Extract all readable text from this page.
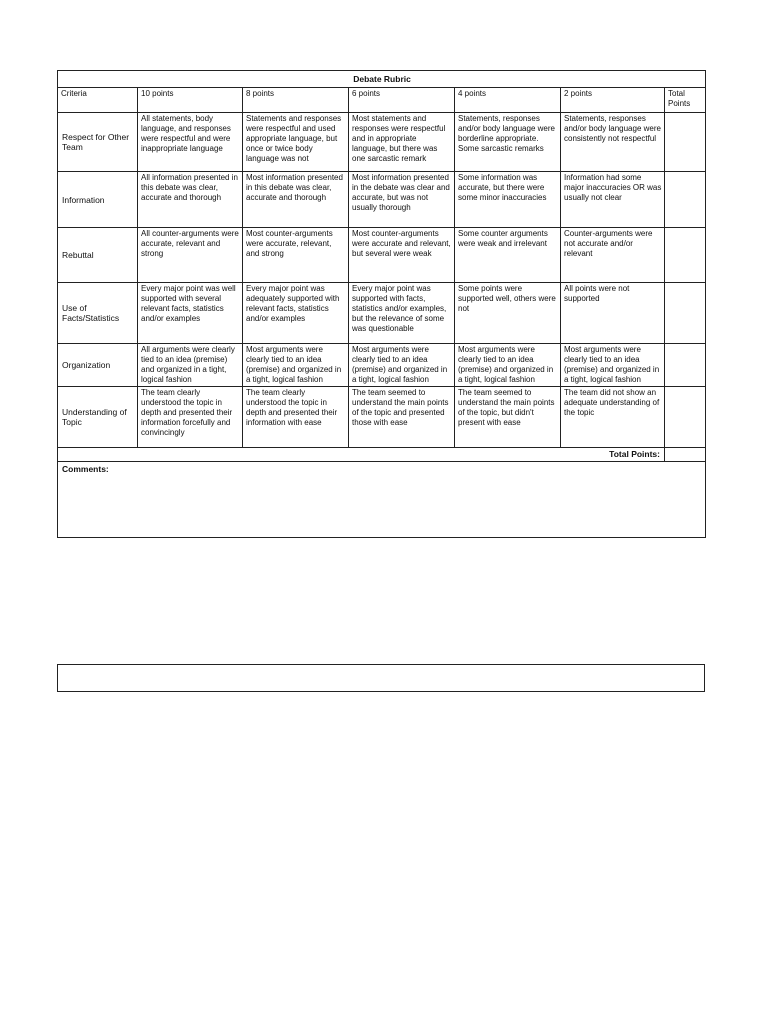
Debate Rubric						
Criteria	10 points	8 points	6 points	4 points	2 points	Total Points
Respect for Other Team	All statements, body language, and responses were respectful and were inappropriate language	Statements and responses were respectful and used appropriate language, but once or twice body language was not	Most statements and responses were respectful and in appropriate language, but there was one sarcastic remark	Statements, responses and/or body language were borderline appropriate. Some sarcastic remarks	Statements, responses and/or body language were consistently not respectful	
Information	All information presented in this debate was clear, accurate and thorough	Most information presented in this debate was clear, accurate and thorough	Most information presented in the debate was clear and accurate, but was not usually thorough	Some information was accurate, but there were some minor inaccuracies	Information had some major inaccuracies OR was usually not clear	
Rebuttal	All counter-arguments were accurate, relevant and strong	Most counter-arguments were accurate, relevant, and strong	Most counter-arguments were accurate and relevant, but several were weak	Some counter arguments were weak and irrelevant	Counter-arguments were not accurate and/or relevant	
Use of Facts/Statistics	Every major point was well supported with several relevant facts, statistics and/or examples	Every major point was adequately supported with relevant facts, statistics and/or examples	Every major point was supported with facts, statistics and/or examples, but the relevance of some was questionable	Some points were supported well, others were not	All points were not supported	
Organization	All arguments were clearly tied to an idea (premise) and organized in a tight, logical fashion	Most arguments were clearly tied to an idea (premise) and organized in a tight, logical fashion	Most arguments were clearly tied to an idea (premise) and organized in a tight, logical fashion	Most arguments were clearly tied to an idea (premise) and organized in a tight, logical fashion	Most arguments were clearly tied to an idea (premise) and organized in a tight, logical fashion	
Understanding of Topic	The team clearly understood the topic in depth and presented their information forcefully and convincingly	The team clearly understood the topic in depth and presented their information with ease	The team seemed to understand the main points of the topic and presented those with ease	The team seemed to understand the main points of the topic, but didn't present with ease	The team did not show an adequate understanding of the topic	
Total Points:						
Comments:						
